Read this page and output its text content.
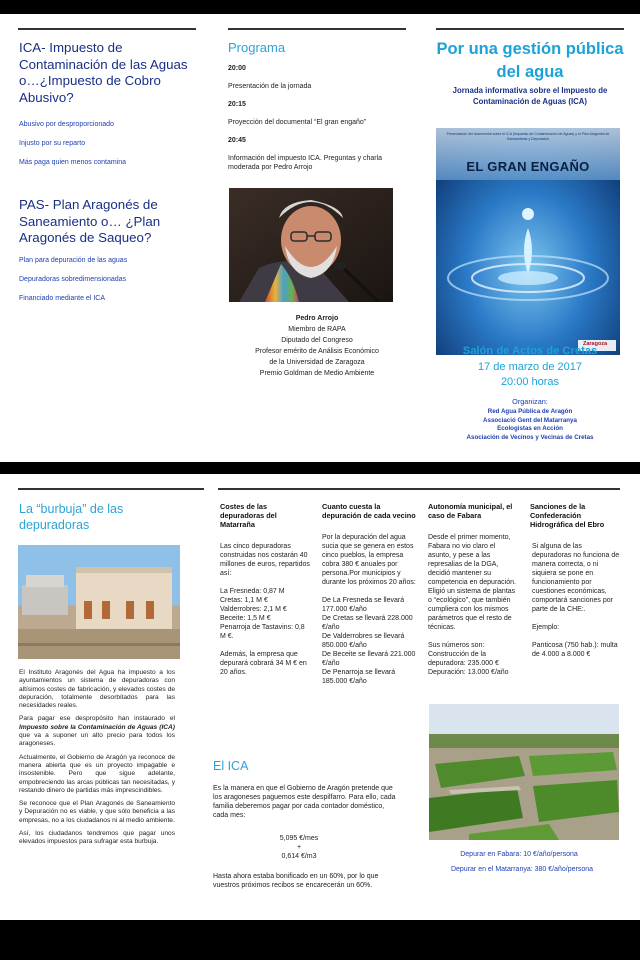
ICA- Impuesto de Contaminación de las Aguas o…¿Impuesto de Cobro Abusivo?
Abusivo por desproporcionado
Injusto por su reparto
Más paga quien menos contamina
PAS- Plan Aragonés de Saneamiento o… ¿Plan Aragonés de Saqueo?
Plan para depuración de las aguas
Depuradoras sobredimensionadas
Financiado mediante el ICA
Programa
20:00
Presentación de la jornada
20:15
Proyección del documental “El gran engaño”
20:45
Información del impuesto ICA. Preguntas y charla moderada por Pedro Arrojo
Pedro Arrojo
Miembro de RAPA
Diputado del Congreso
Profesor emérito de Análisis Económico
de la Universidad de Zaragoza
Premio Goldman de Medio Ambiente
Por una gestión pública del agua
Jornada informativa sobre el Impuesto de Contaminación de Aguas (ICA)
Presentación del documental sobre el ICA (Impuesto de Contaminación de Aguas) y el Plan Aragonés de Saneamiento y Depuración
EL GRAN ENGAÑO
Zaragoza
Salón de Actos de Cretas
17 de marzo de 2017
20:00 horas
Organizan:
Red Agua Pública de Aragón
Associació Gent del Matarranya
Ecologistas en Acción
Asociación de Vecinos y Vecinas de Cretas
La “burbuja” de las depuradoras

El Instituto Aragonés del Agua ha impuesto a los ayuntamientos un sistema de depuradoras con altísimos costes de fabricación, y elevados costes de depuración, totalmente desorbitados para las necesidades reales.

Para pagar ese despropósito han instaurado el Impuesto sobre la Contaminación de Aguas (ICA) que va a suponer un alto precio para todos los aragoneses.

Actualmente, el Gobierno de Aragón ya reconoce de manera abierta que es un proyecto impagable e insostenible. Pero que sigue adelante, empobreciendo las arcas públicas tan necesitadas, y restando dinero de partidas más imprescindibles.

Se reconoce que el Plan Aragonés de Saneamiento y Depuración no es viable, y que sólo beneficia a las empresas, no a los ciudadanos ni al medio ambiente.

Así, los ciudadanos tendremos que pagar unos elevados impuestos para sufragar esta burbuja.

Costes de las depuradoras del Matarraña
Las cinco depuradoras construidas nos costarán 40 millones de euros, repartidos así:
La Fresneda: 0,87 M
Cretas: 1,1 M €
Valderrobres: 2,1 M €
Beceite: 1,5 M €
Penarroja de Tastavins: 0,8 M €.
Además, la empresa que depurará cobrará 34 M € en 20 años.
Cuanto cuesta la depuración de cada vecino
Por la depuración del agua sucia que se genera en estos cinco pueblos, la empresa cobra 380 € anuales por persona.Por municipios y durante los próximos 20 años:
De La Fresneda se llevará 177.000 €/año
De Cretas se llevará 228.000 €/año
De Valderrobres se llevará 850.000 €/año
De Beceite se llevará 221.000 €/año
De Penarroja se llevará 185.000 €/año
Autonomía municipal, el caso de Fabara
Desde el primer momento, Fabara no vio claro el asunto, y pese a las represalias de la DGA, decidió mantener su competencia en depuración. Eligió un sistema de plantas o “ecológico”, que también cumpliera con los mismos parámetros que el resto de técnicas.
Sus números son:
Construcción de la depuradora: 235.000 €
Depuración: 13.000 €/año
Sanciones de la Confederación Hidrográfica del Ebro
Si alguna de las depuradoras no funciona de manera correcta, o ni siquiera se pone en funcionamiento por cuestiones económicas, comportará sanciones por parte de la CHE:.
Ejemplo:
Panticosa (750 hab.): multa de 4.000 a 8.000 €
Depurar en Fabara: 10 €/año/persona
Depurar en el Matarranya: 380 €/año/persona
El ICA
Es la manera en que el Gobierno de Aragón pretende que los aragoneses paguemos este despilfarro. Para ello, cada familia deberemos pagar por cada contador doméstico, cada mes:
5,095 €/mes
+
0,614 €/m3
Hasta ahora estaba bonificado en un 60%, por lo que vuestros próximos recibos se encarecerán un 60%.
